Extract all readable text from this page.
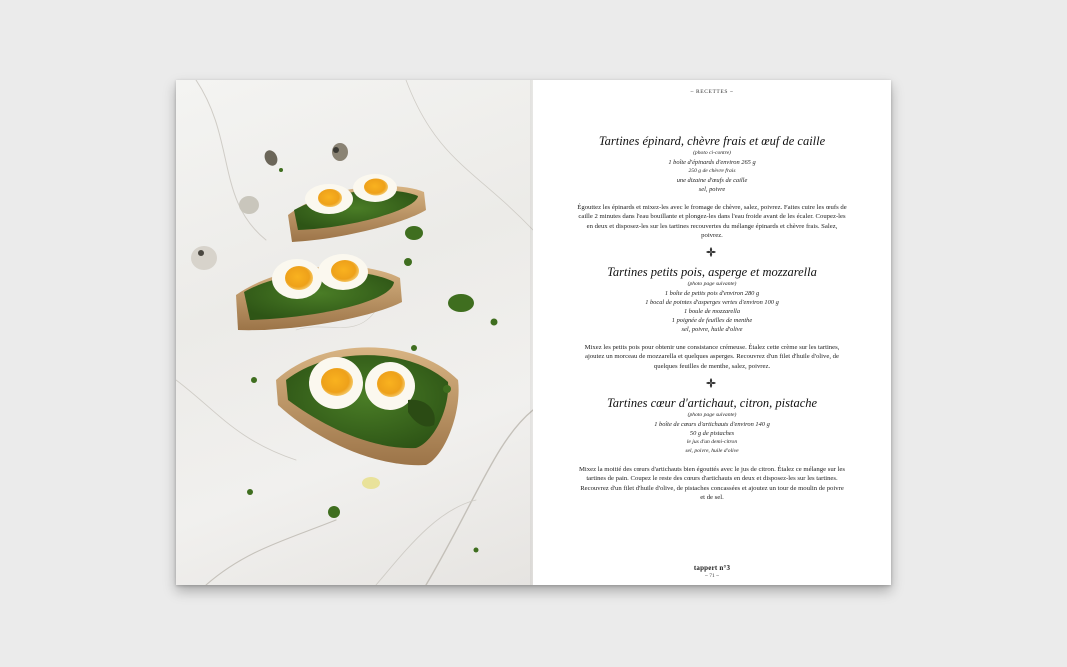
~ RECETTES ~
Tartines épinard, chèvre frais et œuf de caille

(photo ci-contre)

1 boîte d'épinards d'environ 265 g

250 g de chèvre frais

une dizaine d'œufs de caille

sel, poivre

Égouttez les épinards et mixez-les avec le fromage de chèvre, salez, poivrez. Faites cuire les œufs de caille 2 minutes dans l'eau bouillante et plongez-les dans l'eau froide avant de les écaler. Coupez-les en deux et disposez-les sur les tartines recouvertes du mélange épinards et chèvre frais. Salez, poivrez.
Tartines petits pois, asperge et mozzarella

(photo page suivante)

1 boîte de petits pois d'environ 280 g

1 bocal de pointes d'asperges vertes d'environ 100 g

1 boule de mozzarella

1 poignée de feuilles de menthe

sel, poivre, huile d'olive

Mixez les petits pois pour obtenir une consistance crémeuse. Étalez cette crème sur les tartines, ajoutez un morceau de mozzarella et quelques asperges. Recouvrez d'un filet d'huile d'olive, de quelques feuilles de menthe, salez, poivrez.
Tartines cœur d'artichaut, citron, pistache

(photo page suivante)

1 boîte de cœurs d'artichauts d'environ 140 g

50 g de pistaches

le jus d'un demi-citron

sel, poivre, huile d'olive

Mixez la moitié des cœurs d'artichauts bien égouttés avec le jus de citron. Étalez ce mélange sur les tartines de pain. Coupez le reste des cœurs d'artichauts en deux et disposez-les sur les tartines. Recouvrez d'un filet d'huile d'olive, de pistaches concassées et ajoutez un tour de moulin de poivre et de sel.
tappert n°3
~ 71 ~
